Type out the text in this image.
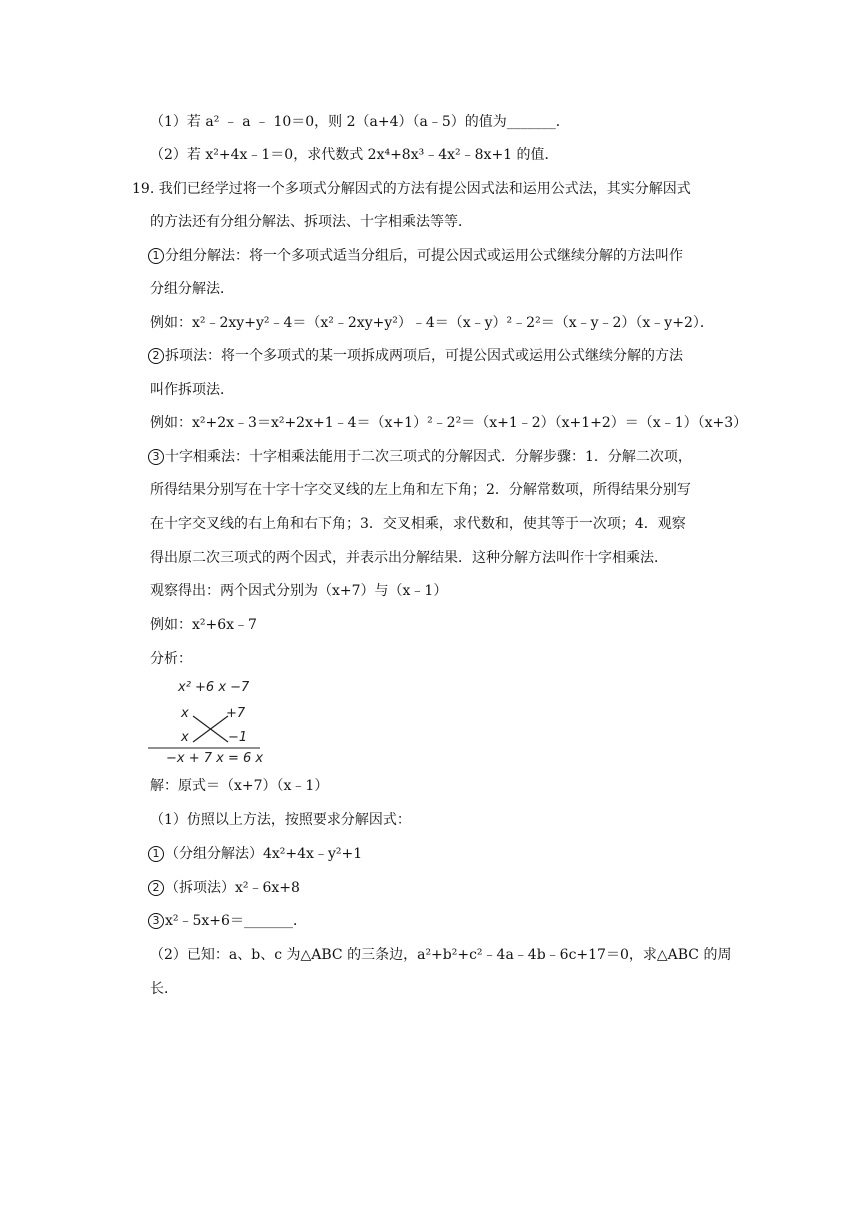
（1）若 a² ﹣ a ﹣ 10＝0，则 2（a+4）（a﹣5）的值为_______．
（2）若 x²+4x﹣1＝0，求代数式 2x⁴+8x³﹣4x²﹣8x+1 的值．
19. 我们已经学过将一个多项式分解因式的方法有提公因式法和运用公式法，其实分解因式
的方法还有分组分解法、拆项法、十字相乘法等等．
1 分组分解法：将一个多项式适当分组后，可提公因式或运用公式继续分解的方法叫作
分组分解法．
例如：x²﹣2xy+y²﹣4＝（x²﹣2xy+y²）﹣4＝（x﹣y）²﹣2²＝（x﹣y﹣2）（x﹣y+2）．
2 拆项法：将一个多项式的某一项拆成两项后，可提公因式或运用公式继续分解的方法
叫作拆项法．
例如：x²+2x﹣3＝x²+2x+1﹣4＝（x+1）²﹣2²＝（x+1﹣2）（x+1+2）＝（x﹣1）（x+3）
3 十字相乘法：十字相乘法能用于二次三项式的分解因式．分解步骤：1．分解二次项，
所得结果分别写在十字十字交叉线的左上角和左下角；2．分解常数项，所得结果分别写
在十字交叉线的右上角和右下角；3．交叉相乘，求代数和，使其等于一次项；4．观察
得出原二次三项式的两个因式，并表示出分解结果．这种分解方法叫作十字相乘法．
观察得出：两个因式分别为（x+7）与（x﹣1）
例如：x²+6x﹣7
分析：
x² +6 x −7
x	+7
x	−1
−x + 7 x = 6 x
解：原式＝（x+7）（x﹣1）
（1）仿照以上方法，按照要求分解因式：
1 （分组分解法）4x²+4x﹣y²+1
2 （拆项法）x²﹣6x+8
3 x²﹣5x+6＝_______．
（2）已知：a、b、c 为△ABC 的三条边，a²+b²+c²﹣4a﹣4b﹣6c+17＝0，求△ABC 的周
长．
